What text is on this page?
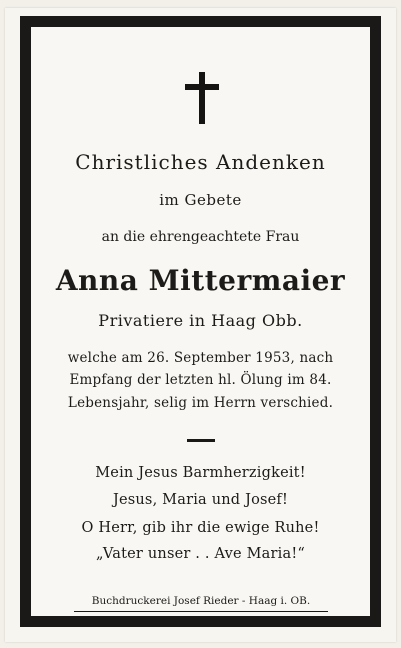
Christliches Andenken
im Gebete
an die ehrengeachtete Frau
Anna Mittermaier
Privatiere in Haag Obb.
welche am 26. September 1953, nach
Empfang der letzten hl. Ölung im 84.
Lebensjahr, selig im Herrn verschied.
Mein Jesus Barmherzigkeit!
Jesus, Maria und Josef!
O Herr, gib ihr die ewige Ruhe!
„Vater unser . . Ave Maria!“
Buchdruckerei Josef Rieder - Haag i. OB.
